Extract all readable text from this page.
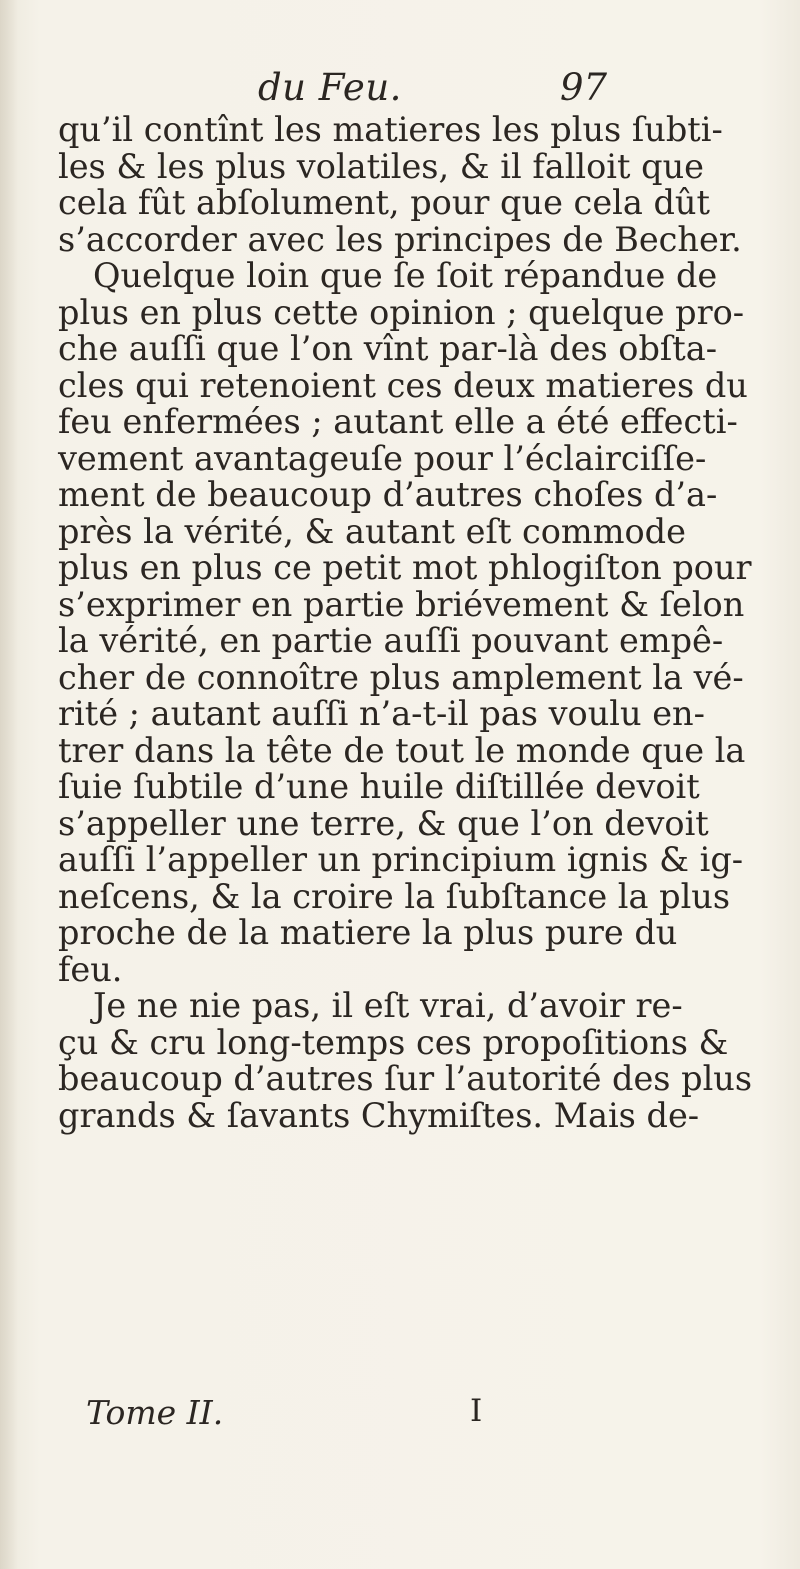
du Feu.	97
qu’il contînt les matieres les plus ſubti-
les & les plus volatiles, & il falloit que
cela fût abſolument, pour que cela dût
s’accorder avec les principes de Becher.
Quelque loin que ſe ſoit répandue de
plus en plus cette opinion ; quelque pro-
che auſſi que l’on vînt par-là des obſta-
cles qui retenoient ces deux matieres du
feu enfermées ; autant elle a été effecti-
vement avantageuſe pour l’éclairciſſe-
ment de beaucoup d’autres choſes d’a-
près la vérité, & autant eſt commode
plus en plus ce petit mot phlogiſton pour
s’exprimer en partie briévement & ſelon
la vérité, en partie auſſi pouvant empê-
cher de connoître plus amplement la vé-
rité ; autant auſſi n’a-t-il pas voulu en-
trer dans la tête de tout le monde que la
ſuie ſubtile d’une huile diſtillée devoit
s’appeller une terre, & que l’on devoit
auſſi l’appeller un principium ignis & ig-
neſcens, & la croire la ſubſtance la plus
proche de la matiere la plus pure du
feu.
Je ne nie pas, il eſt vrai, d’avoir re-
çu & cru long-temps ces propoſitions &
beaucoup d’autres ſur l’autorité des plus
grands & ſavants Chymiſtes. Mais de-
Tome II.	I
